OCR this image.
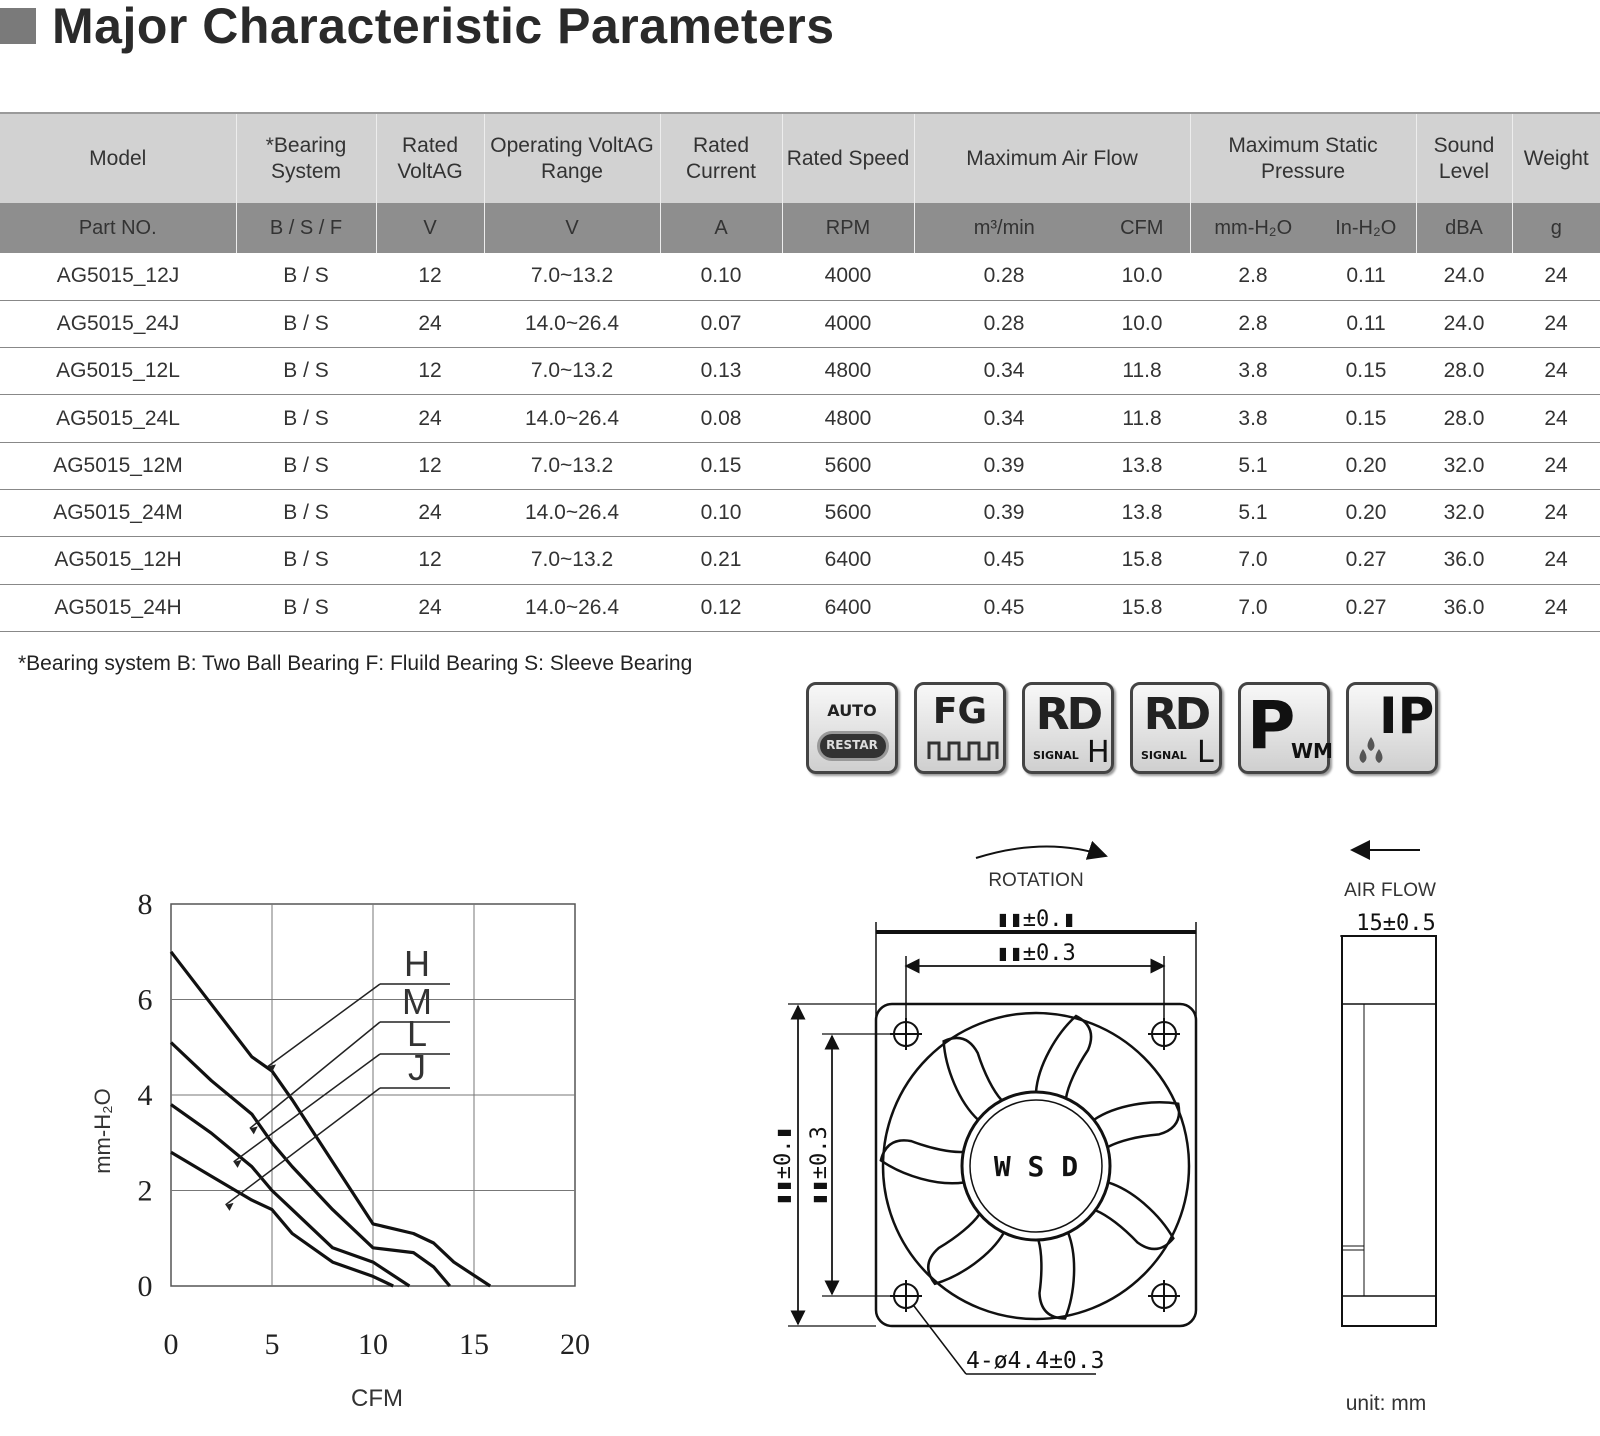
Major Characteristic Parameters
Model	*Bearing System	Rated VoltAG	Operating VoltAG Range	Rated Current	Rated Speed	Maximum Air Flow		Maximum Static Pressure		Sound Level	Weight
Part NO.	B / S / F	V	V	A	RPM	m³/min	CFM	mm-H₂O	In-H₂O	dBA	g
AG5015_12J	B / S	12	7.0~13.2	0.10	4000	0.28	10.0	2.8	0.11	24.0	24
AG5015_24J	B / S	24	14.0~26.4	0.07	4000	0.28	10.0	2.8	0.11	24.0	24
AG5015_12L	B / S	12	7.0~13.2	0.13	4800	0.34	11.8	3.8	0.15	28.0	24
AG5015_24L	B / S	24	14.0~26.4	0.08	4800	0.34	11.8	3.8	0.15	28.0	24
AG5015_12M	B / S	12	7.0~13.2	0.15	5600	0.39	13.8	5.1	0.20	32.0	24
AG5015_24M	B / S	24	14.0~26.4	0.10	5600	0.39	13.8	5.1	0.20	32.0	24
AG5015_12H	B / S	12	7.0~13.2	0.21	6400	0.45	15.8	7.0	0.27	36.0	24
AG5015_24H	B / S	24	14.0~26.4	0.12	6400	0.45	15.8	7.0	0.27	36.0	24
*Bearing system B: Two Ball Bearing F: Fluild Bearing S: Sleeve Bearing
AUTO
RESTAR
FG	RD
SIGNAL H
RD
SIGNAL L P
WM
IP
0	5	10 15 20
0
2
4
6
8
H
M
L
J
CFM
mm-H₂O
ROTATION
▮▮±0.▮
▮▮±0.3
▮▮±0.▮ ▮▮±0.3	W S D
4-ø4.4±0.3
AIR FLOW
15±0.5
unit: mm
